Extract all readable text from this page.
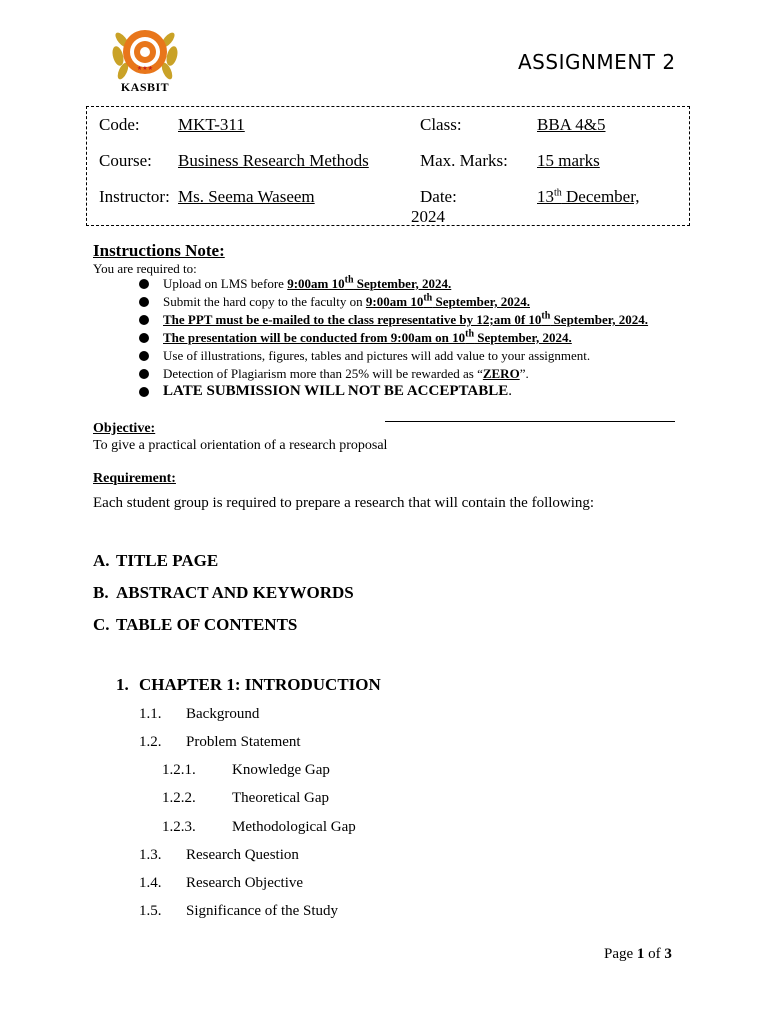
★★★
KASBIT
ASSIGNMENT 2
Code: MKT-311	Class:	BBA 4&5
Course: Business Research Methods	Max. Marks: 15 marks
Instructor: Ms. Seema Waseem	Date:	13th December,
2024
Instructions Note:
You are required to:
Upload on LMS before 9:00am 10th September, 2024.
Submit the hard copy to the faculty on 9:00am 10th September, 2024.
The PPT must be e-mailed to the class representative by 12;am 0f 10th September, 2024.
The presentation will be conducted from 9:00am on 10th September, 2024.
Use of illustrations, figures, tables and pictures will add value to your assignment.
Detection of Plagiarism more than 25% will be rewarded as “ZERO”.
LATE SUBMISSION WILL NOT BE ACCEPTABLE.
Objective:
To give a practical orientation of a research proposal
Requirement:
Each student group is required to prepare a research that will contain the following:
A. TITLE PAGE
B. ABSTRACT AND KEYWORDS
C. TABLE OF CONTENTS
1. CHAPTER 1: INTRODUCTION
1.1. Background
1.2. Problem Statement
1.2.1. Knowledge Gap
1.2.2. Theoretical Gap
1.2.3. Methodological Gap
1.3. Research Question
1.4. Research Objective
1.5. Significance of the Study
Page 1 of 3
